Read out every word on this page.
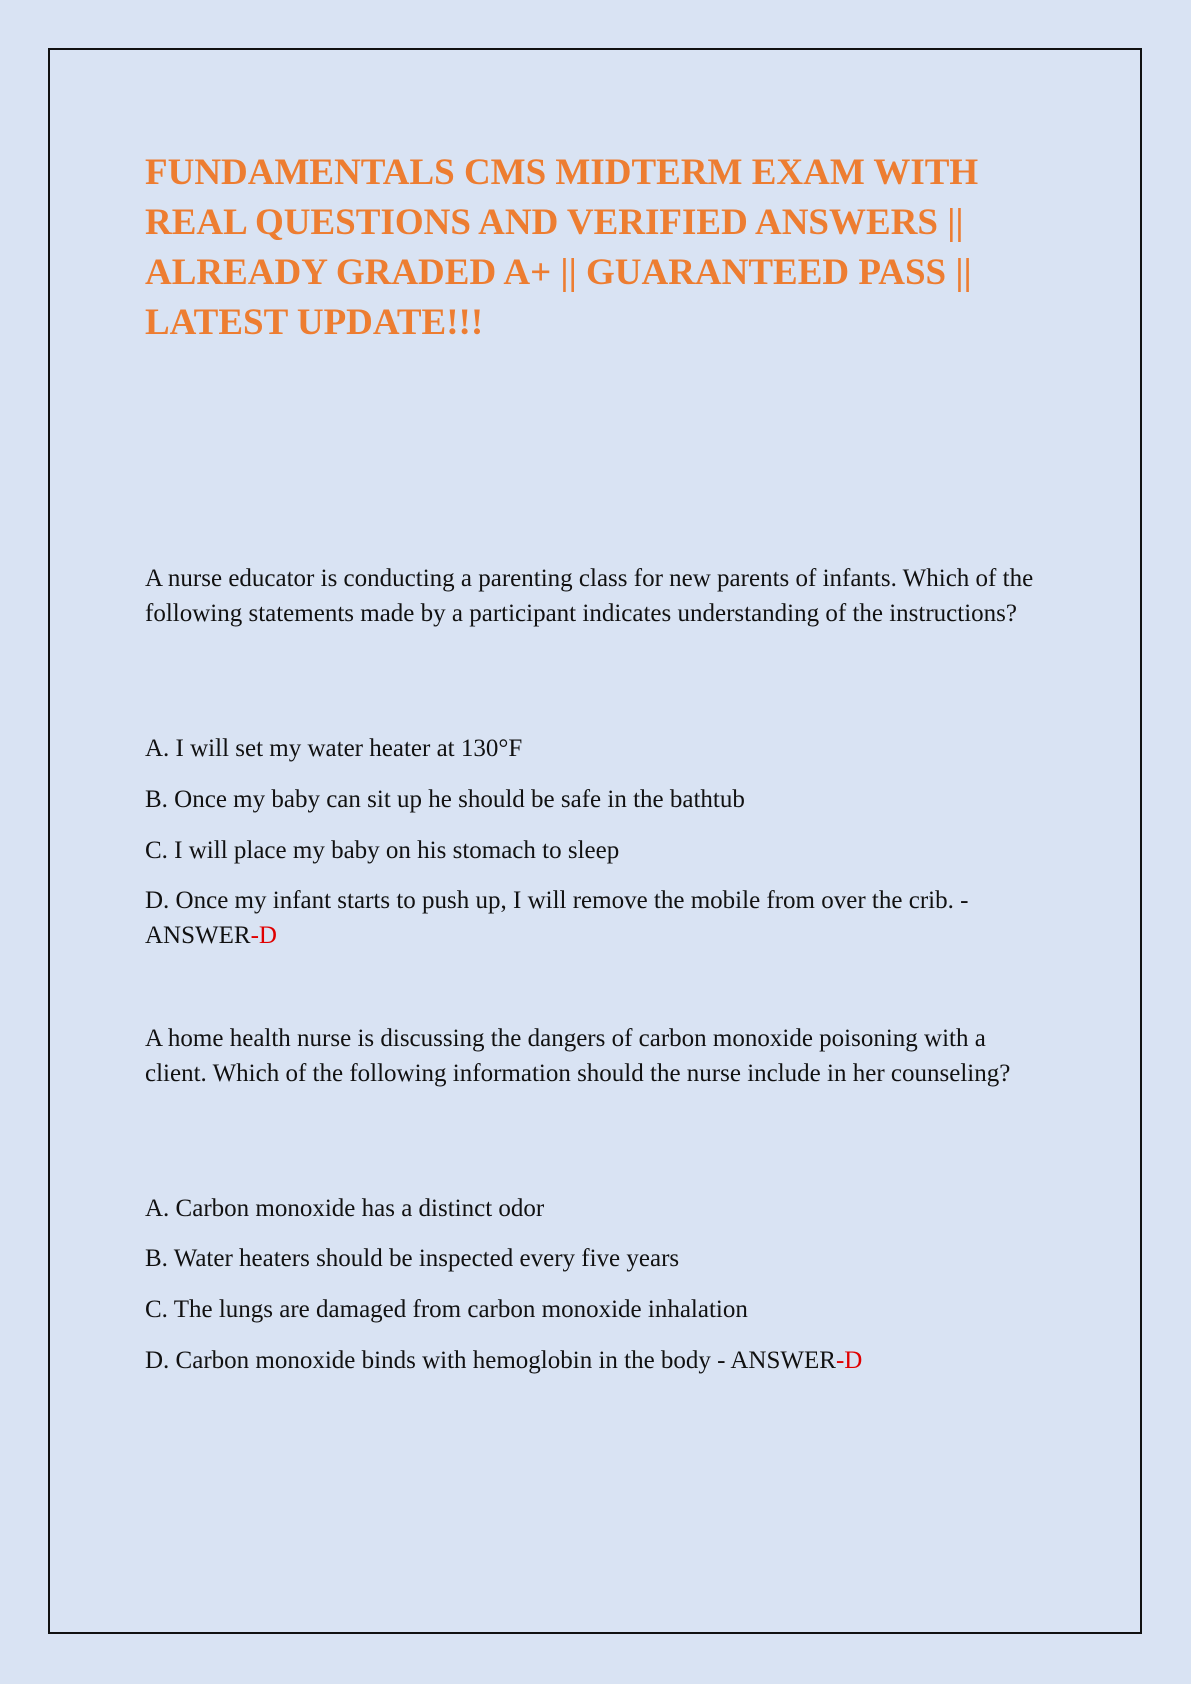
FUNDAMENTALS CMS MIDTERM EXAM WITH REAL QUESTIONS AND VERIFIED ANSWERS || ALREADY GRADED A+ || GUARANTEED PASS || LATEST UPDATE!!!

A nurse educator is conducting a parenting class for new parents of infants. Which of the following statements made by a participant indicates understanding of the instructions?

A. I will set my water heater at 130°F

B. Once my baby can sit up he should be safe in the bathtub

C. I will place my baby on his stomach to sleep

D. Once my infant starts to push up, I will remove the mobile from over the crib. - ANSWER-D

A home health nurse is discussing the dangers of carbon monoxide poisoning with a client. Which of the following information should the nurse include in her counseling?

A. Carbon monoxide has a distinct odor

B. Water heaters should be inspected every five years

C. The lungs are damaged from carbon monoxide inhalation

D. Carbon monoxide binds with hemoglobin in the body - ANSWER-D
